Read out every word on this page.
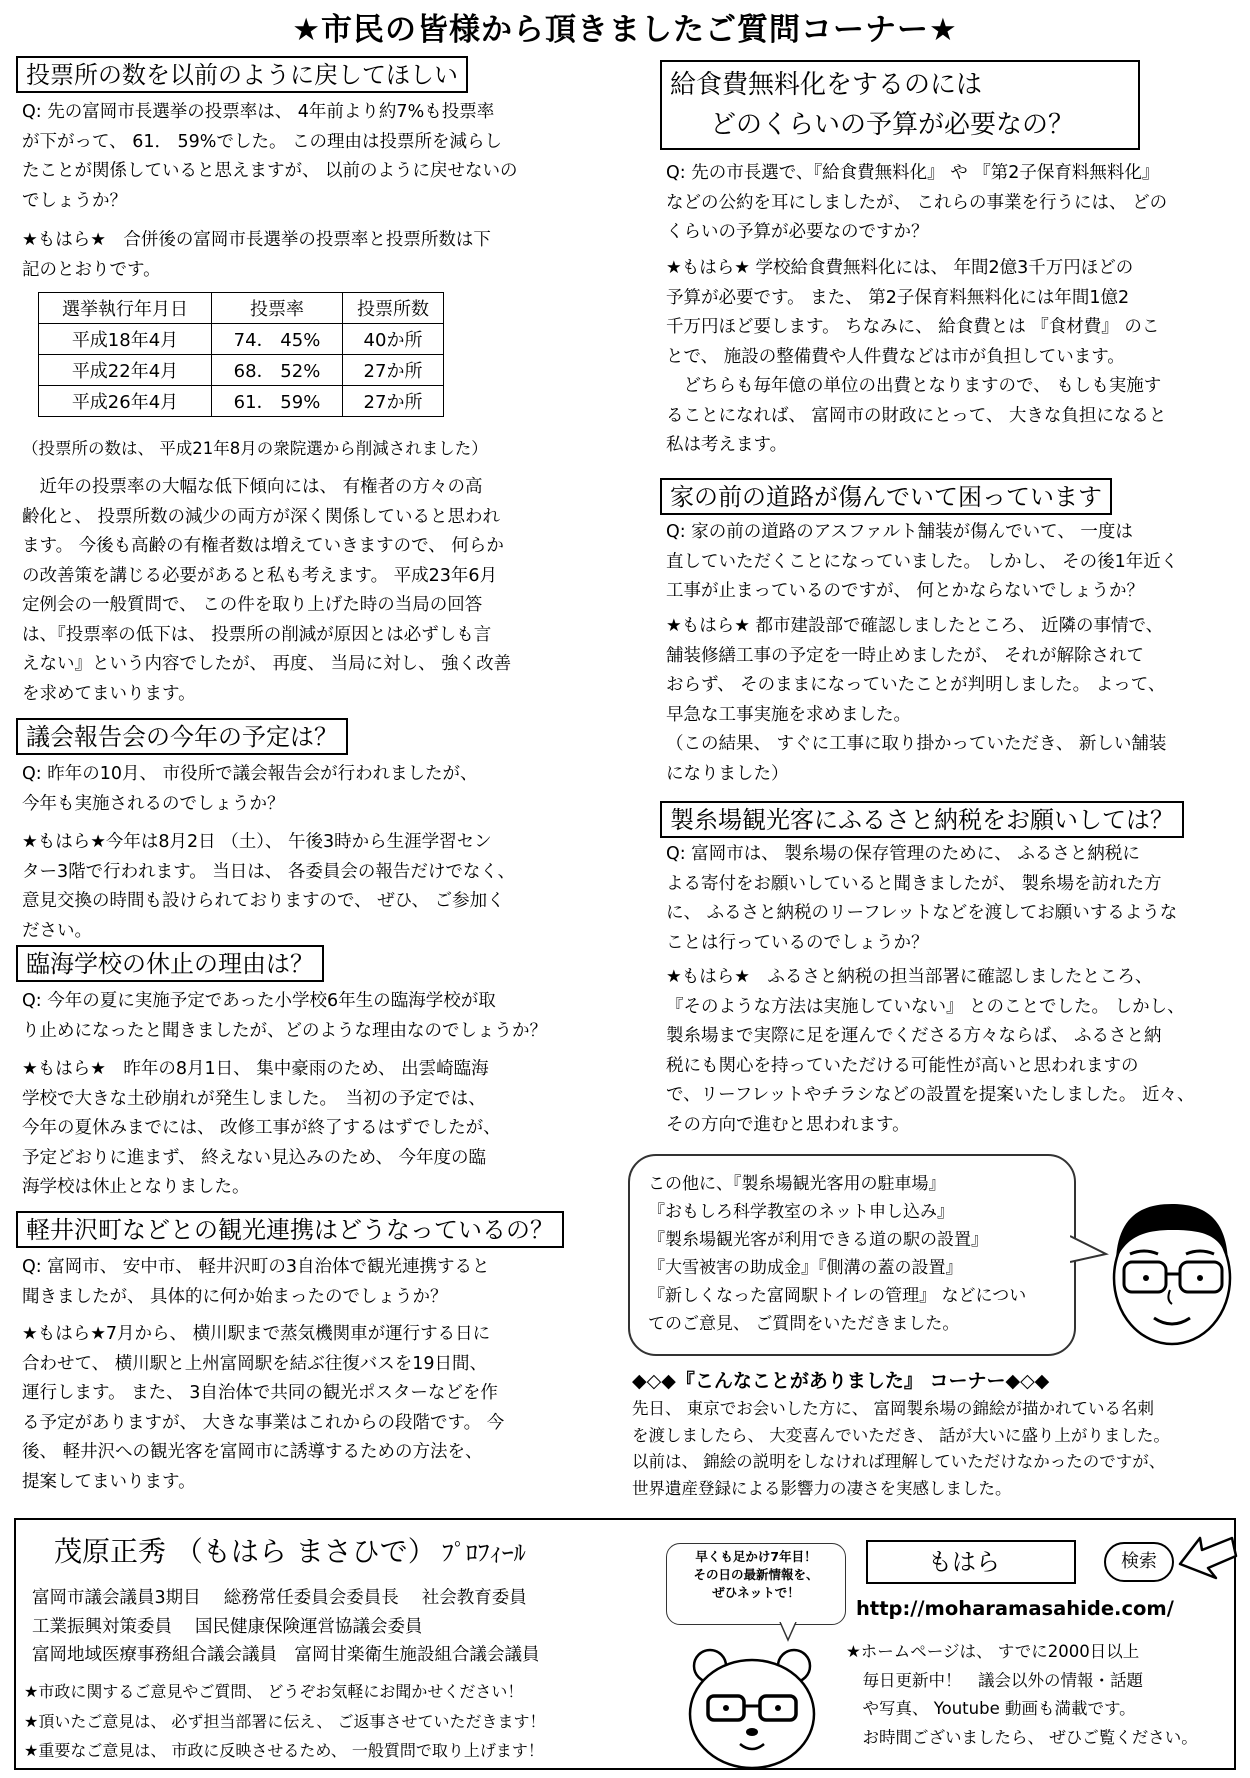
★市民の皆様から頂きましたご質問コーナー★
投票所の数を以前のように戻してほしい

Q: 先の富岡市長選挙の投票率は、 4年前より約7%も投票率
が下がって、 61． 59%でした。 この理由は投票所を減らし
たことが関係していると思えますが、 以前のように戻せないの
でしょうか？

★もはら★　合併後の富岡市長選挙の投票率と投票所数は下
記のとおりです。

選挙執行年月日	投票率	投票所数
平成18年4月	74． 45%	40か所
平成22年4月	68． 52%	27か所
平成26年4月	61． 59%	27か所

（投票所の数は、 平成21年8月の衆院選から削減されました）

　近年の投票率の大幅な低下傾向には、 有権者の方々の高
齢化と、 投票所数の減少の両方が深く関係していると思われ
ます。 今後も高齢の有権者数は増えていきますので、 何らか
の改善策を講じる必要があると私も考えます。 平成23年6月
定例会の一般質問で、 この件を取り上げた時の当局の回答
は、『投票率の低下は、 投票所の削減が原因とは必ずしも言
えない』という内容でしたが、 再度、 当局に対し、 強く改善
を求めてまいります。

議会報告会の今年の予定は？

Q: 昨年の10月、 市役所で議会報告会が行われましたが、
今年も実施されるのでしょうか？

★もはら★今年は8月2日 （土）、 午後3時から生涯学習セン
ター3階で行われます。 当日は、 各委員会の報告だけでなく、
意見交換の時間も設けられておりますので、 ぜひ、 ご参加く
ださい。

臨海学校の休止の理由は？

Q: 今年の夏に実施予定であった小学校6年生の臨海学校が取
り止めになったと聞きましたが、どのような理由なのでしょうか？

★もはら★　昨年の8月1日、 集中豪雨のため、 出雲崎臨海
学校で大きな土砂崩れが発生しました。　当初の予定では、
今年の夏休みまでには、 改修工事が終了するはずでしたが、
予定どおりに進まず、 終えない見込みのため、 今年度の臨
海学校は休止となりました。

軽井沢町などとの観光連携はどうなっているの？

Q: 富岡市、 安中市、 軽井沢町の3自治体で観光連携すると
聞きましたが、 具体的に何か始まったのでしょうか？

★もはら★7月から、 横川駅まで蒸気機関車が運行する日に
合わせて、 横川駅と上州富岡駅を結ぶ往復バスを19日間、
運行します。 また、 3自治体で共同の観光ポスターなどを作
る予定がありますが、 大きな事業はこれからの段階です。 今
後、 軽井沢への観光客を富岡市に誘導するための方法を、
提案してまいります。

給食費無料化をするのには
どのくらいの予算が必要なの？

Q: 先の市長選で、『給食費無料化』 や 『第2子保育料無料化』
などの公約を耳にしましたが、 これらの事業を行うには、 どの
くらいの予算が必要なのですか？

★もはら★ 学校給食費無料化には、 年間2億3千万円ほどの
予算が必要です。 また、 第2子保育料無料化には年間1億2
千万円ほど要します。 ちなみに、 給食費とは 『食材費』 のこ
とで、 施設の整備費や人件費などは市が負担しています。
　どちらも毎年億の単位の出費となりますので、 もしも実施す
ることになれば、 富岡市の財政にとって、 大きな負担になると
私は考えます。

家の前の道路が傷んでいて困っています

Q: 家の前の道路のアスファルト舗装が傷んでいて、 一度は
直していただくことになっていました。 しかし、 その後1年近く
工事が止まっているのですが、 何とかならないでしょうか？

★もはら★ 都市建設部で確認しましたところ、 近隣の事情で、
舗装修繕工事の予定を一時止めましたが、 それが解除されて
おらず、 そのままになっていたことが判明しました。 よって、
早急な工事実施を求めました。
（この結果、 すぐに工事に取り掛かっていただき、 新しい舗装
になりました）

製糸場観光客にふるさと納税をお願いしては？

Q: 富岡市は、 製糸場の保存管理のために、 ふるさと納税に
よる寄付をお願いしていると聞きましたが、 製糸場を訪れた方
に、 ふるさと納税のリーフレットなどを渡してお願いするような
ことは行っているのでしょうか？

★もはら★　ふるさと納税の担当部署に確認しましたところ、
『そのような方法は実施していない』 とのことでした。 しかし、
製糸場まで実際に足を運んでくださる方々ならば、 ふるさと納
税にも関心を持っていただける可能性が高いと思われますの
で、リーフレットやチラシなどの設置を提案いたしました。 近々、
その方向で進むと思われます。

この他に、『製糸場観光客用の駐車場』
『おもしろ科学教室のネット申し込み』
『製糸場観光客が利用できる道の駅の設置』
『大雪被害の助成金』『側溝の蓋の設置』
『新しくなった富岡駅トイレの管理』 などについ
てのご意見、 ご質問をいただきました。

◆◇◆『こんなことがありました』 コーナー◆◇◆

先日、 東京でお会いした方に、 富岡製糸場の錦絵が描かれている名刺
を渡しましたら、 大変喜んでいただき、 話が大いに盛り上がりました。
以前は、 錦絵の説明をしなければ理解していただけなかったのですが、
世界遺産登録による影響力の凄さを実感しました。

茂原正秀 （もはら まさひで） ﾌﾟﾛﾌｨｰﾙ
富岡市議会議員3期目　 総務常任委員会委員長　 社会教育委員
工業振興対策委員　 国民健康保険運営協議会委員
富岡地域医療事務組合議会議員　富岡甘楽衛生施設組合議会議員
★市政に関するご意見やご質問、 どうぞお気軽にお聞かせください！
★頂いたご意見は、 必ず担当部署に伝え、 ご返事させていただきます！
★重要なご意見は、 市政に反映させるため、 一般質問で取り上げます！
早くも足かけ7年目！
その日の最新情報を、
ぜひネットで！
もはら	検索
http://moharamasahide.com/

★ホームページは、 すでに2000日以上
　毎日更新中！　議会以外の情報・話題
　や写真、 Youtube 動画も満載です。
　お時間ございましたら、 ぜひご覧ください。
